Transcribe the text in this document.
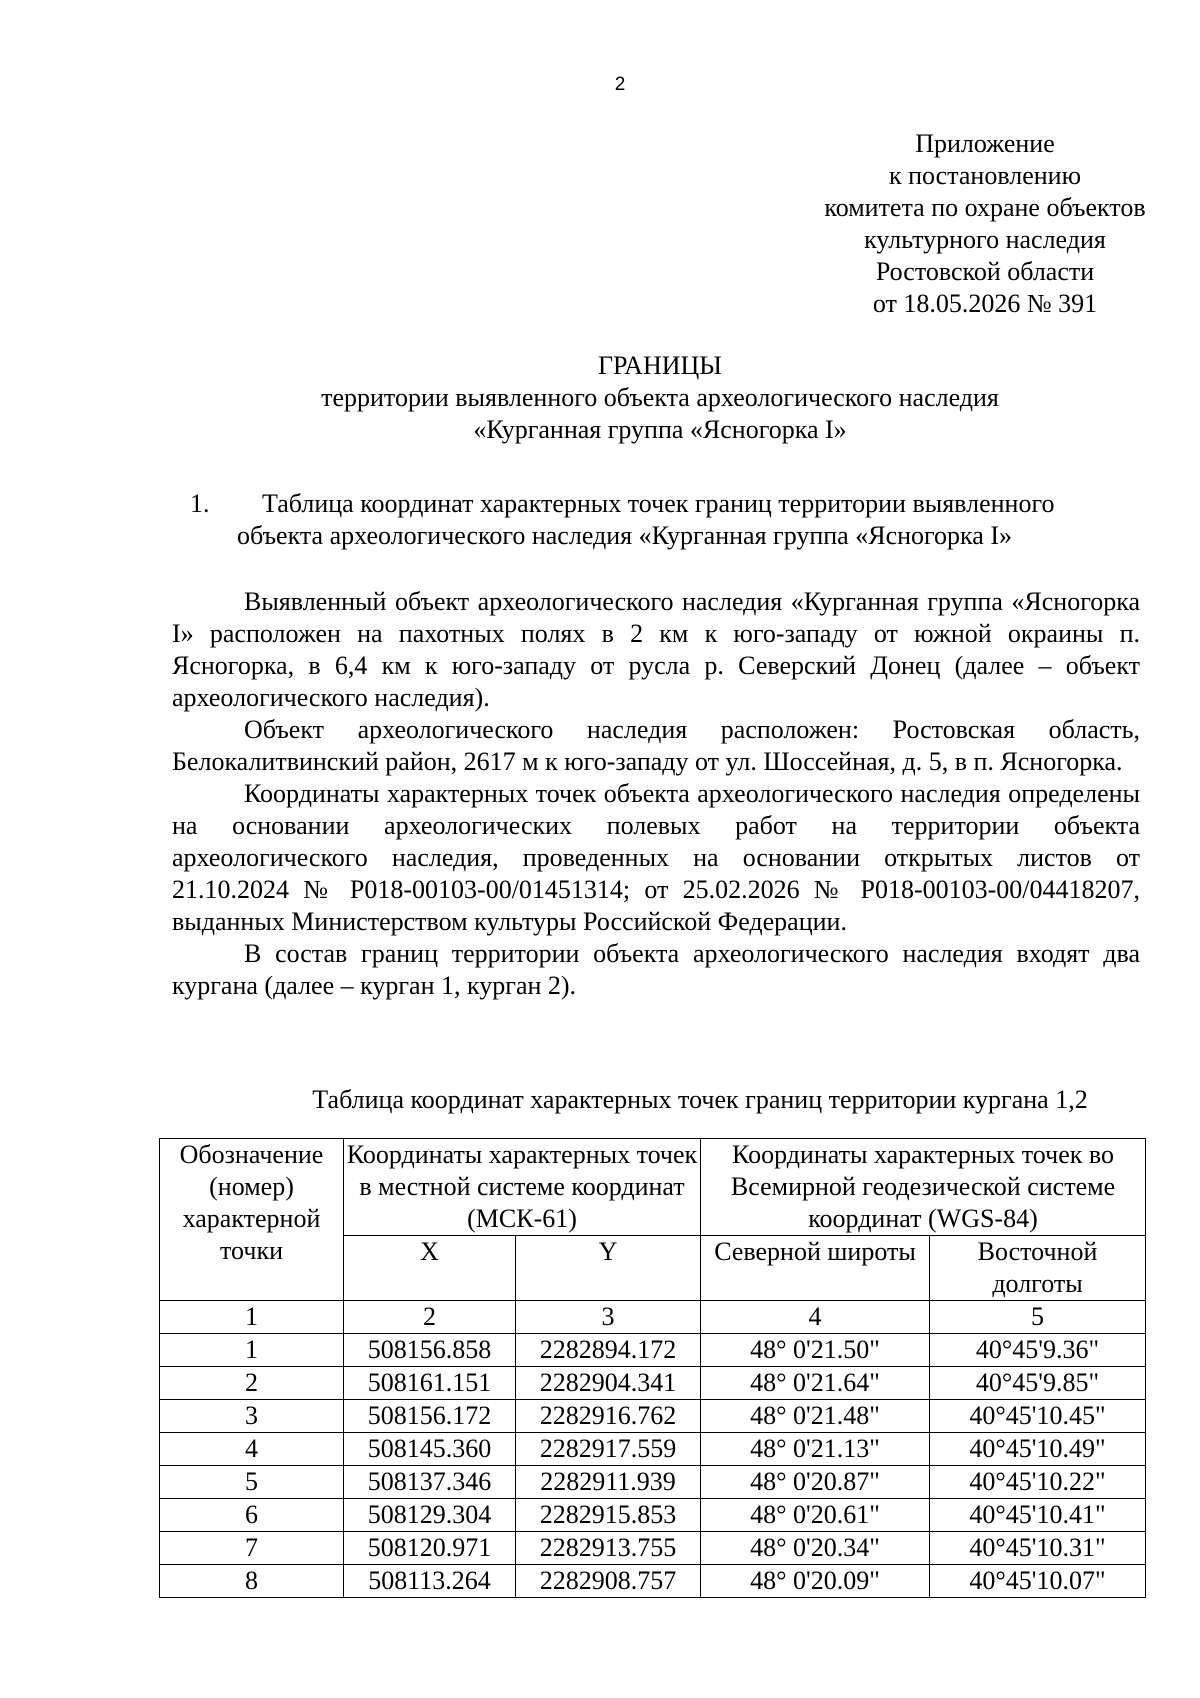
2
Приложение
к постановлению
комитета по охране объектов
культурного наследия
Ростовской области
от 18.05.2026 № 391
ГРАНИЦЫ
территории выявленного объекта археологического наследия
«Курганная группа «Ясногорка I»
1.	Таблица координат характерных точек границ территории выявленного
объекта археологического наследия «Курганная группа «Ясногорка I»

Выявленный объект археологического наследия «Курганная группа «Ясногорка I» расположен на пахотных полях в 2 км к юго-западу от южной окраины п. Ясногорка, в 6,4 км к юго-западу от русла р. Северский Донец (далее – объект археологического наследия).

Объект археологического наследия расположен: Ростовская область, Белокалитвинский район, 2617 м к юго-западу от ул. Шоссейная, д. 5, в п. Ясногорка.

Координаты характерных точек объекта археологического наследия определены на основании археологических полевых работ на территории объекта археологического наследия, проведенных на основании открытых листов от 21.10.2024 № Р018-00103-00/01451314; от 25.02.2026 № Р018-00103-00/04418207, выданных Министерством культуры Российской Федерации.

В состав границ территории объекта археологического наследия входят два кургана (далее – курган 1, курган 2).

Таблица координат характерных точек границ территории кургана 1,2
Обозначение (номер) характерной точки	Координаты характерных точек в местной системе координат (МСК-61)		Координаты характерных точек во Всемирной геодезической системе координат (WGS-84)	
	X	Y	Северной широты	Восточной долготы
1	2	3	4	5
1	508156.858	2282894.172	48° 0'21.50"	40°45'9.36"
2	508161.151	2282904.341	48° 0'21.64"	40°45'9.85"
3	508156.172	2282916.762	48° 0'21.48"	40°45'10.45"
4	508145.360	2282917.559	48° 0'21.13"	40°45'10.49"
5	508137.346	2282911.939	48° 0'20.87"	40°45'10.22"
6	508129.304	2282915.853	48° 0'20.61"	40°45'10.41"
7	508120.971	2282913.755	48° 0'20.34"	40°45'10.31"
8	508113.264	2282908.757	48° 0'20.09"	40°45'10.07"
